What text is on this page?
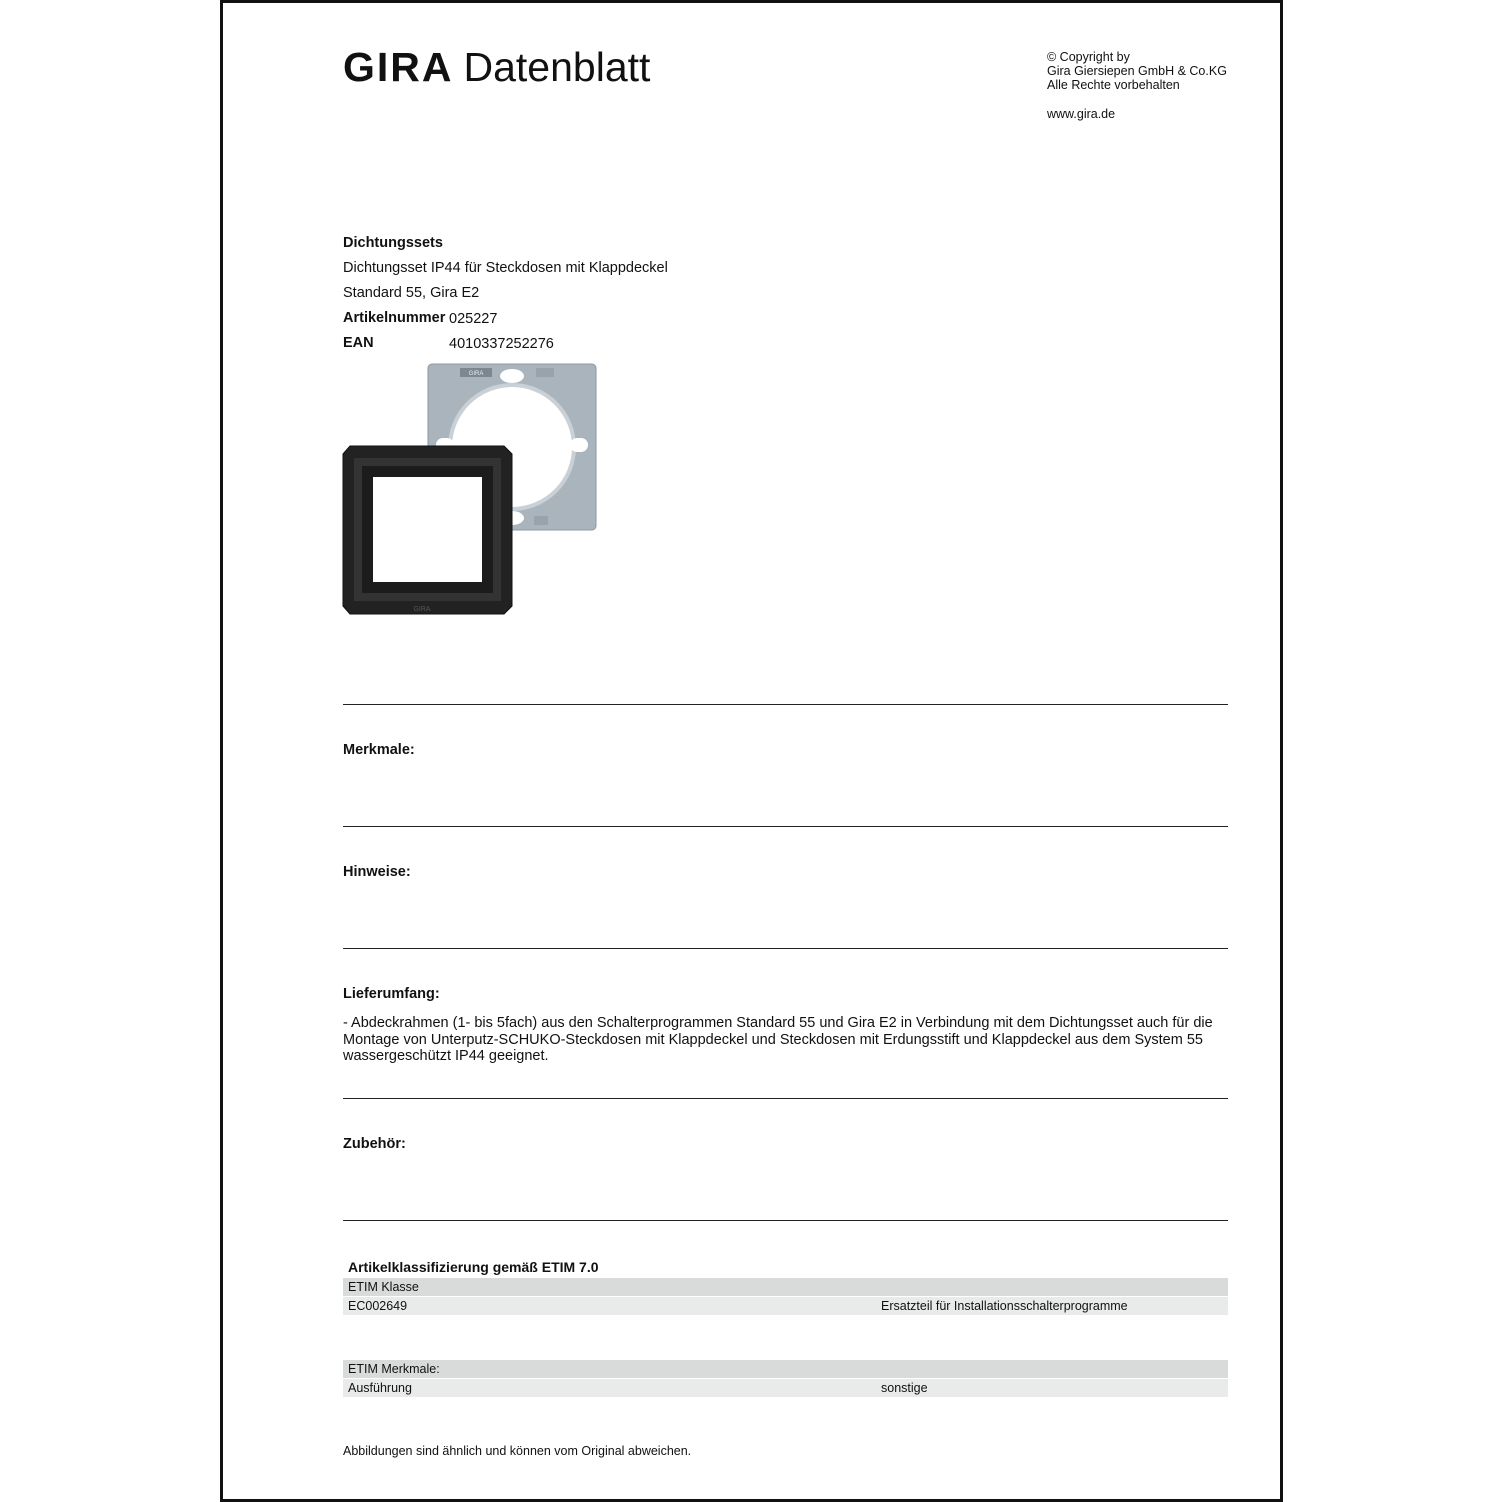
GIRA Datenblatt	© Copyright by
Gira Giersiepen GmbH & Co.KG
Alle Rechte vorbehalten
www.gira.de
Dichtungssets
Dichtungsset IP44 für Steckdosen mit Klappdeckel
Standard 55, Gira E2
Artikelnummer 025227
EAN	4010337252276
GIRA
GIRA
Merkmale:
Hinweise:
Lieferumfang:
- Abdeckrahmen (1- bis 5fach) aus den Schalterprogrammen Standard 55 und Gira E2 in Verbindung mit dem Dichtungsset auch für die Montage von Unterputz-SCHUKO-Steckdosen mit Klappdeckel und Steckdosen mit Erdungsstift und Klappdeckel aus dem System 55 wassergeschützt IP44 geeignet.
Zubehör:
Artikelklassifizierung gemäß ETIM 7.0
ETIM Klasse
EC002649	Ersatzteil für Installationsschalterprogramme
ETIM Merkmale:
Ausführung	sonstige
Abbildungen sind ähnlich und können vom Original abweichen.
